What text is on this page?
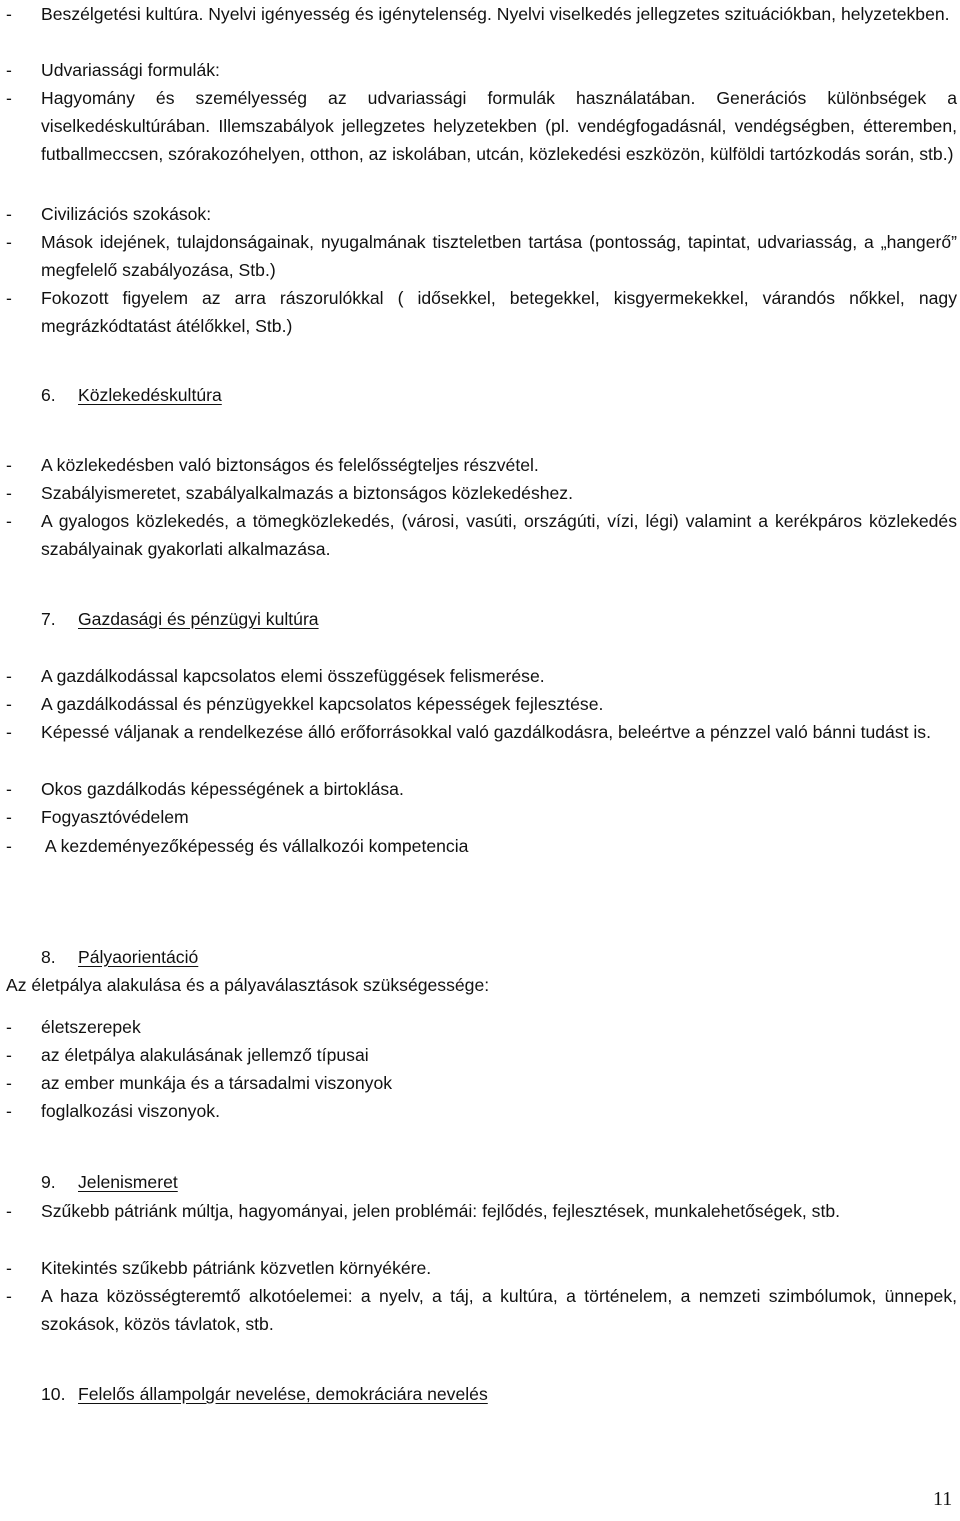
-	Beszélgetési kultúra. Nyelvi igényesség és igénytelenség. Nyelvi viselkedés jellegzetes szituációkban, helyzetekben.
-	Udvariassági formulák:
-	Hagyomány és személyesség az udvariassági formulák használatában. Generációs különbségek a viselkedéskultúrában. Illemszabályok jellegzetes helyzetekben (pl. vendégfogadásnál, vendégségben, étteremben, futballmeccsen, szórakozóhelyen, otthon, az iskolában, utcán, közlekedési eszközön, külföldi tartózkodás során, stb.)
-	Civilizációs szokások:
-	Mások idejének, tulajdonságainak, nyugalmának tiszteletben tartása (pontosság, tapintat, udvariasság, a „hangerő” megfelelő szabályozása, Stb.)
-	Fokozott figyelem az arra rászorulókkal ( idősekkel, betegekkel, kisgyermekekkel, várandós nőkkel, nagy megrázkódtatást átélőkkel, Stb.)
6. Közlekedéskultúra
-	A közlekedésben való biztonságos és felelősségteljes részvétel.
-	Szabályismeretet, szabályalkalmazás a biztonságos közlekedéshez.
-	A gyalogos közlekedés, a tömegközlekedés, (városi, vasúti, országúti, vízi, légi) valamint a kerékpáros közlekedés szabályainak gyakorlati alkalmazása.
7. Gazdasági és pénzügyi kultúra
-	A gazdálkodással kapcsolatos elemi összefüggések felismerése.
-	A gazdálkodással és pénzügyekkel kapcsolatos képességek fejlesztése.
-	Képessé váljanak a rendelkezése álló erőforrásokkal való gazdálkodásra, beleértve a pénzzel való bánni tudást is.
-	Okos gazdálkodás képességének a birtoklása.
-	Fogyasztóvédelem
-	A kezdeményezőképesség és vállalkozói kompetencia
8. Pályaorientáció
Az életpálya alakulása és a pályaválasztások szükségessége:
-	életszerepek
-	az életpálya alakulásának jellemző típusai
-	az ember munkája és a társadalmi viszonyok
-	foglalkozási viszonyok.
9. Jelenismeret
-	Szűkebb pátriánk múltja, hagyományai, jelen problémái: fejlődés, fejlesztések, munkalehetőségek, stb.
-	Kitekintés szűkebb pátriánk közvetlen környékére.
-	A haza közösségteremtő alkotóelemei: a nyelv, a táj, a kultúra, a történelem, a nemzeti szimbólumok, ünnepek, szokások, közös távlatok, stb.
10. Felelős állampolgár nevelése, demokráciára nevelés
11
